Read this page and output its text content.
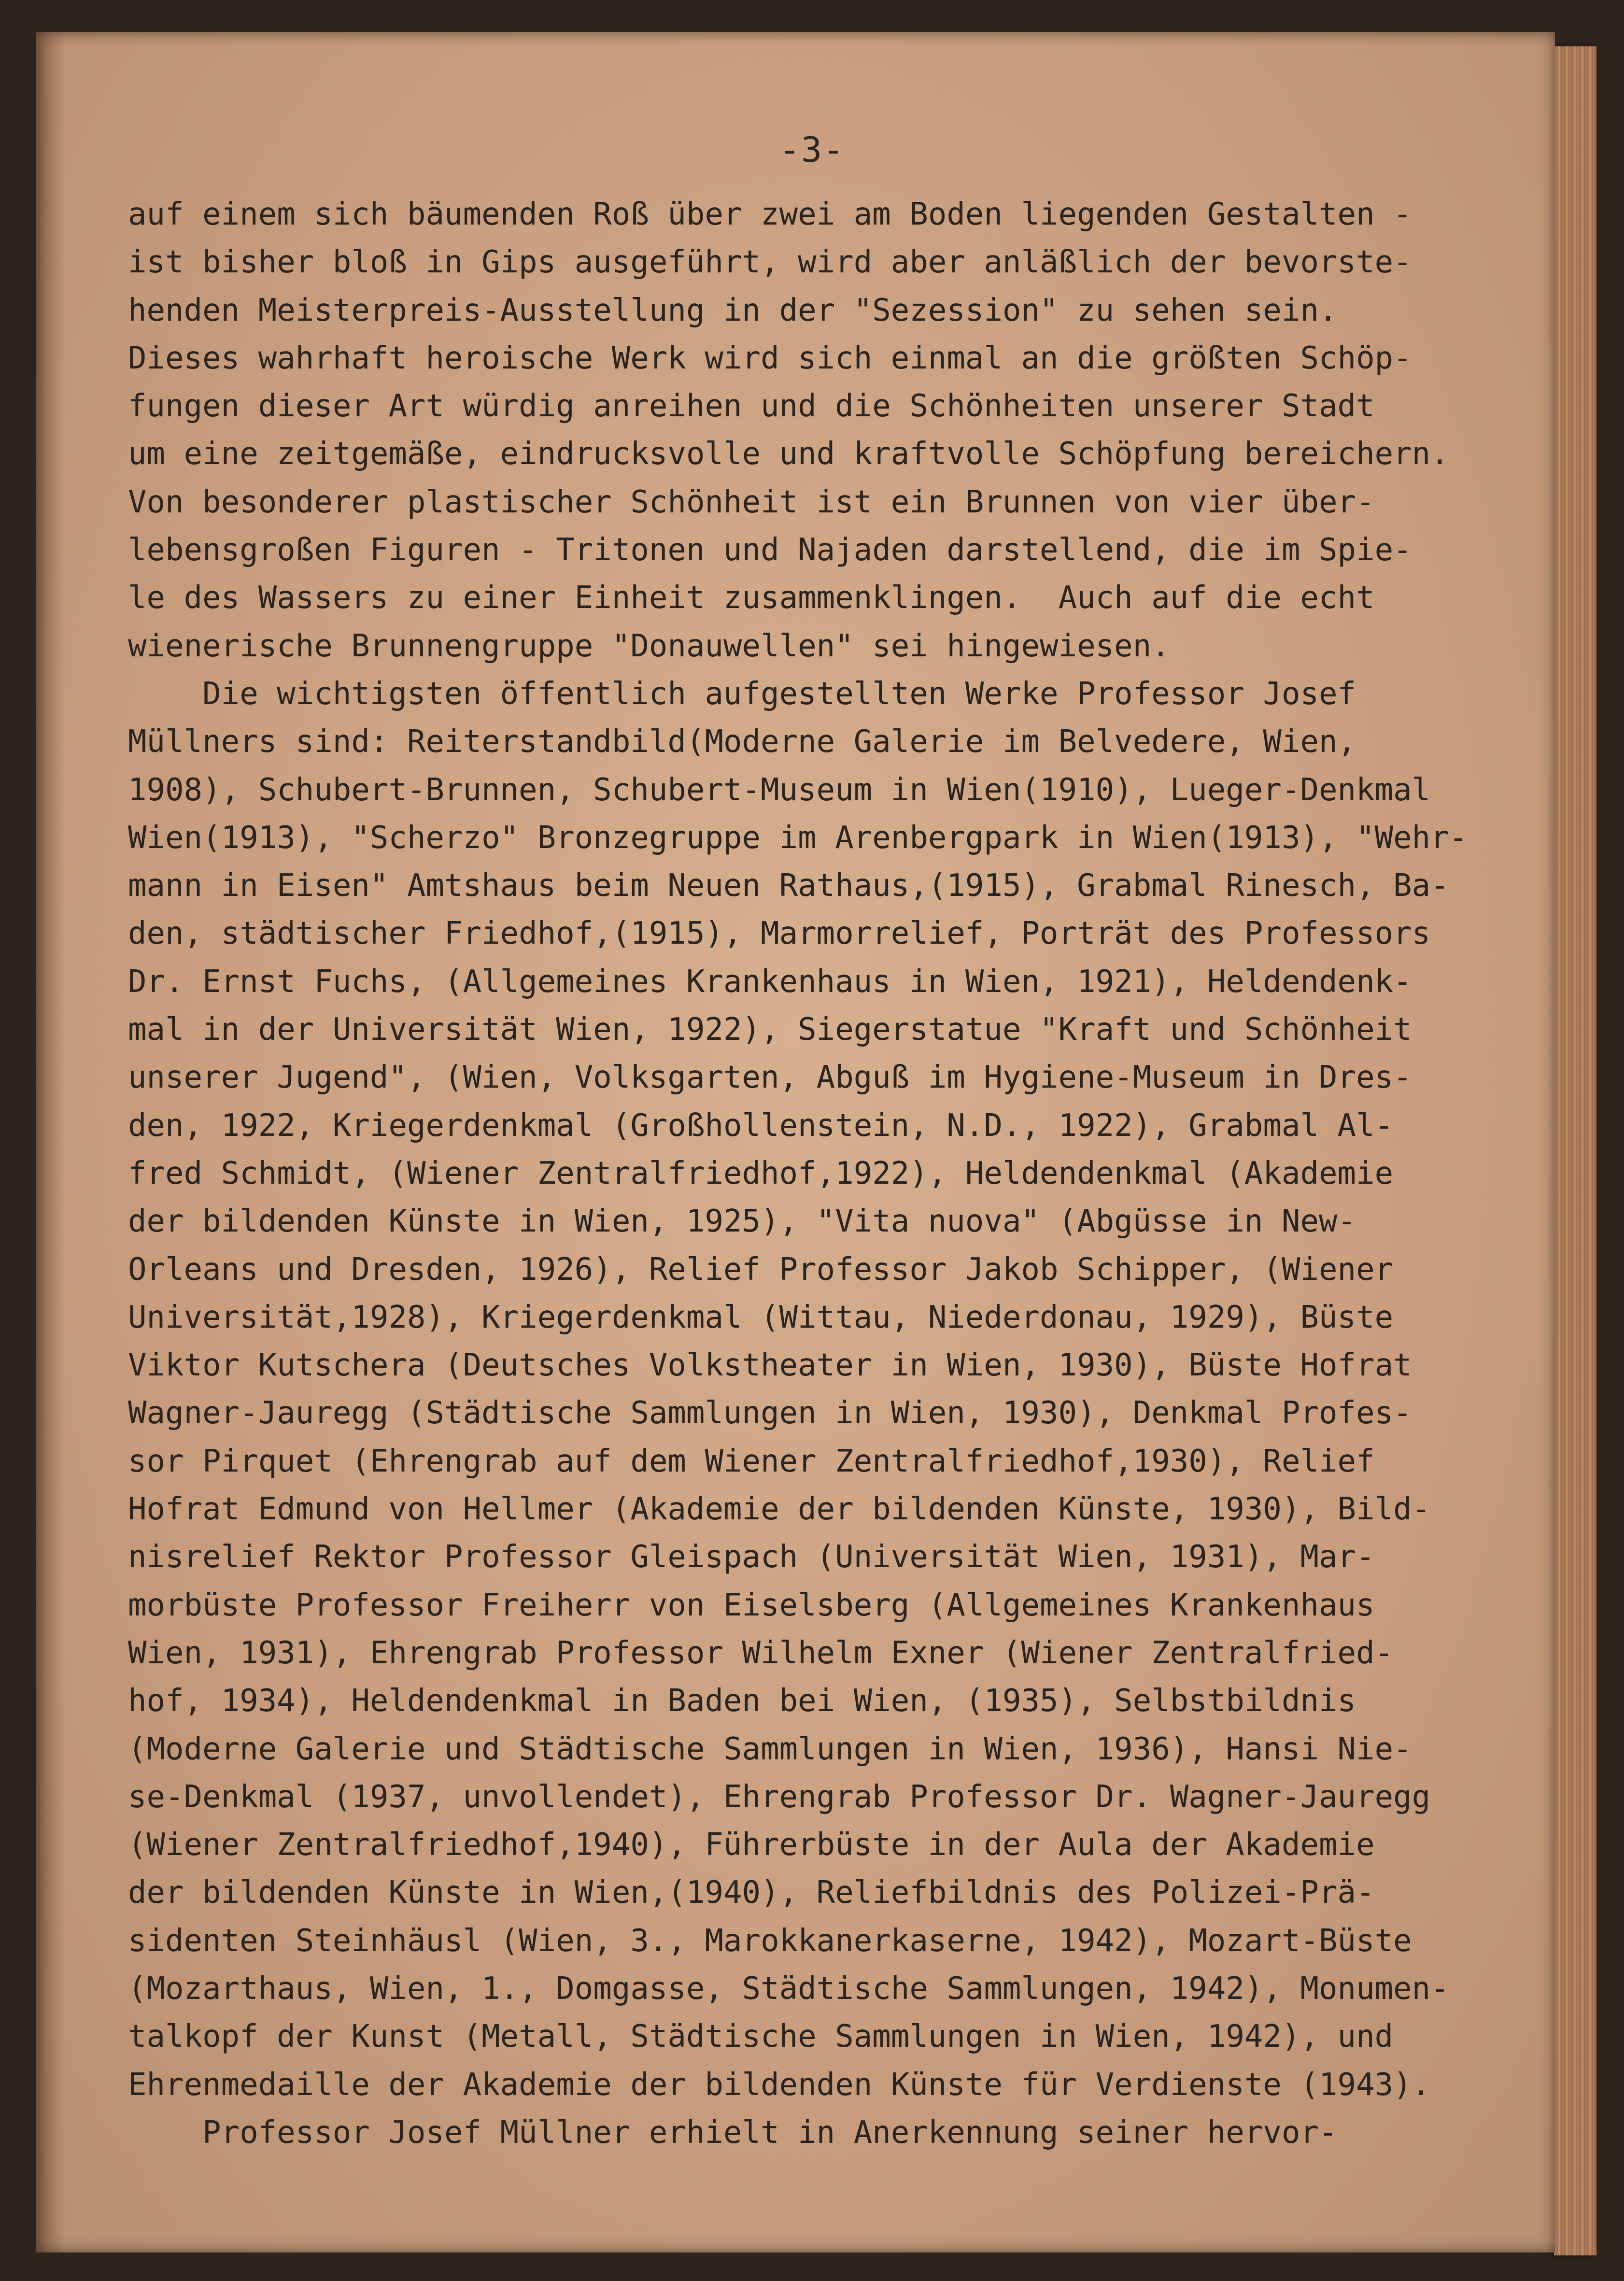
-3-
auf einem sich bäumenden Roß über zwei am Boden liegenden Gestalten -
ist bisher bloß in Gips ausgeführt, wird aber anläßlich der bevorste-
henden Meisterpreis-Ausstellung in der "Sezession" zu sehen sein.
Dieses wahrhaft heroische Werk wird sich einmal an die größten Schöp-
fungen dieser Art würdig anreihen und die Schönheiten unserer Stadt
um eine zeitgemäße, eindrucksvolle und kraftvolle Schöpfung bereichern.
Von besonderer plastischer Schönheit ist ein Brunnen von vier über-
lebensgroßen Figuren - Tritonen und Najaden darstellend, die im Spie-
le des Wassers zu einer Einheit zusammenklingen.  Auch auf die echt
wienerische Brunnengruppe "Donauwellen" sei hingewiesen.
Die wichtigsten öffentlich aufgestellten Werke Professor Josef
Müllners sind: Reiterstandbild(Moderne Galerie im Belvedere, Wien,
1908), Schubert-Brunnen, Schubert-Museum in Wien(1910), Lueger-Denkmal
Wien(1913), "Scherzo" Bronzegruppe im Arenbergpark in Wien(1913), "Wehr-
mann in Eisen" Amtshaus beim Neuen Rathaus,(1915), Grabmal Rinesch, Ba-
den, städtischer Friedhof,(1915), Marmorrelief, Porträt des Professors
Dr. Ernst Fuchs, (Allgemeines Krankenhaus in Wien, 1921), Heldendenk-
mal in der Universität Wien, 1922), Siegerstatue "Kraft und Schönheit
unserer Jugend", (Wien, Volksgarten, Abguß im Hygiene-Museum in Dres-
den, 1922, Kriegerdenkmal (Großhollenstein, N.D., 1922), Grabmal Al-
fred Schmidt, (Wiener Zentralfriedhof,1922), Heldendenkmal (Akademie
der bildenden Künste in Wien, 1925), "Vita nuova" (Abgüsse in New-
Orleans und Dresden, 1926), Relief Professor Jakob Schipper, (Wiener
Universität,1928), Kriegerdenkmal (Wittau, Niederdonau, 1929), Büste
Viktor Kutschera (Deutsches Volkstheater in Wien, 1930), Büste Hofrat
Wagner-Jauregg (Städtische Sammlungen in Wien, 1930), Denkmal Profes-
sor Pirquet (Ehrengrab auf dem Wiener Zentralfriedhof,1930), Relief
Hofrat Edmund von Hellmer (Akademie der bildenden Künste, 1930), Bild-
nisrelief Rektor Professor Gleispach (Universität Wien, 1931), Mar-
morbüste Professor Freiherr von Eiselsberg (Allgemeines Krankenhaus
Wien, 1931), Ehrengrab Professor Wilhelm Exner (Wiener Zentralfried-
hof, 1934), Heldendenkmal in Baden bei Wien, (1935), Selbstbildnis
(Moderne Galerie und Städtische Sammlungen in Wien, 1936), Hansi Nie-
se-Denkmal (1937, unvollendet), Ehrengrab Professor Dr. Wagner-Jauregg
(Wiener Zentralfriedhof,1940), Führerbüste in der Aula der Akademie
der bildenden Künste in Wien,(1940), Reliefbildnis des Polizei-Prä-
sidenten Steinhäusl (Wien, 3., Marokkanerkaserne, 1942), Mozart-Büste
(Mozarthaus, Wien, 1., Domgasse, Städtische Sammlungen, 1942), Monumen-
talkopf der Kunst (Metall, Städtische Sammlungen in Wien, 1942), und
Ehrenmedaille der Akademie der bildenden Künste für Verdienste (1943).
Professor Josef Müllner erhielt in Anerkennung seiner hervor-
